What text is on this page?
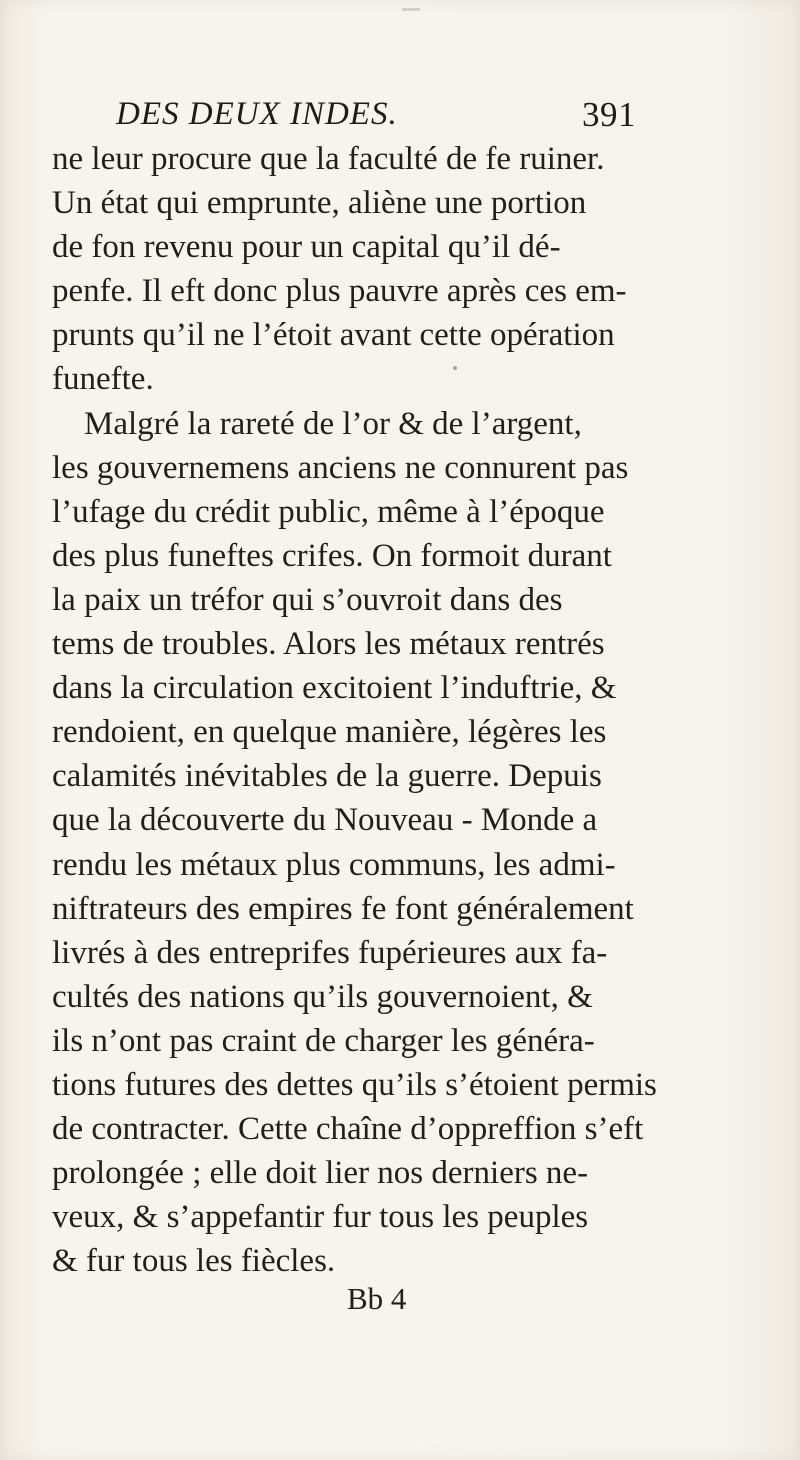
DES DEUX INDES.	391
ne leur procure que la faculté de fe ruiner.
Un état qui emprunte, aliène une portion
de fon revenu pour un capital qu’il dé-
penfe. Il eft donc plus pauvre après ces em-
prunts qu’il ne l’étoit avant cette opération
funefte.
Malgré la rareté de l’or & de l’argent,
les gouvernemens anciens ne connurent pas
l’ufage du crédit public, même à l’époque
des plus funeftes crifes. On formoit durant
la paix un tréfor qui s’ouvroit dans des
tems de troubles. Alors les métaux rentrés
dans la circulation excitoient l’induftrie, &
rendoient, en quelque manière, légères les
calamités inévitables de la guerre. Depuis
que la découverte du Nouveau - Monde a
rendu les métaux plus communs, les admi-
niftrateurs des empires fe font généralement
livrés à des entreprifes fupérieures aux fa-
cultés des nations qu’ils gouvernoient, &
ils n’ont pas craint de charger les généra-
tions futures des dettes qu’ils s’étoient permis
de contracter. Cette chaîne d’oppreffion s’eft
prolongée ; elle doit lier nos derniers ne-
veux, & s’appefantir fur tous les peuples
& fur tous les fiècles.
Bb 4
